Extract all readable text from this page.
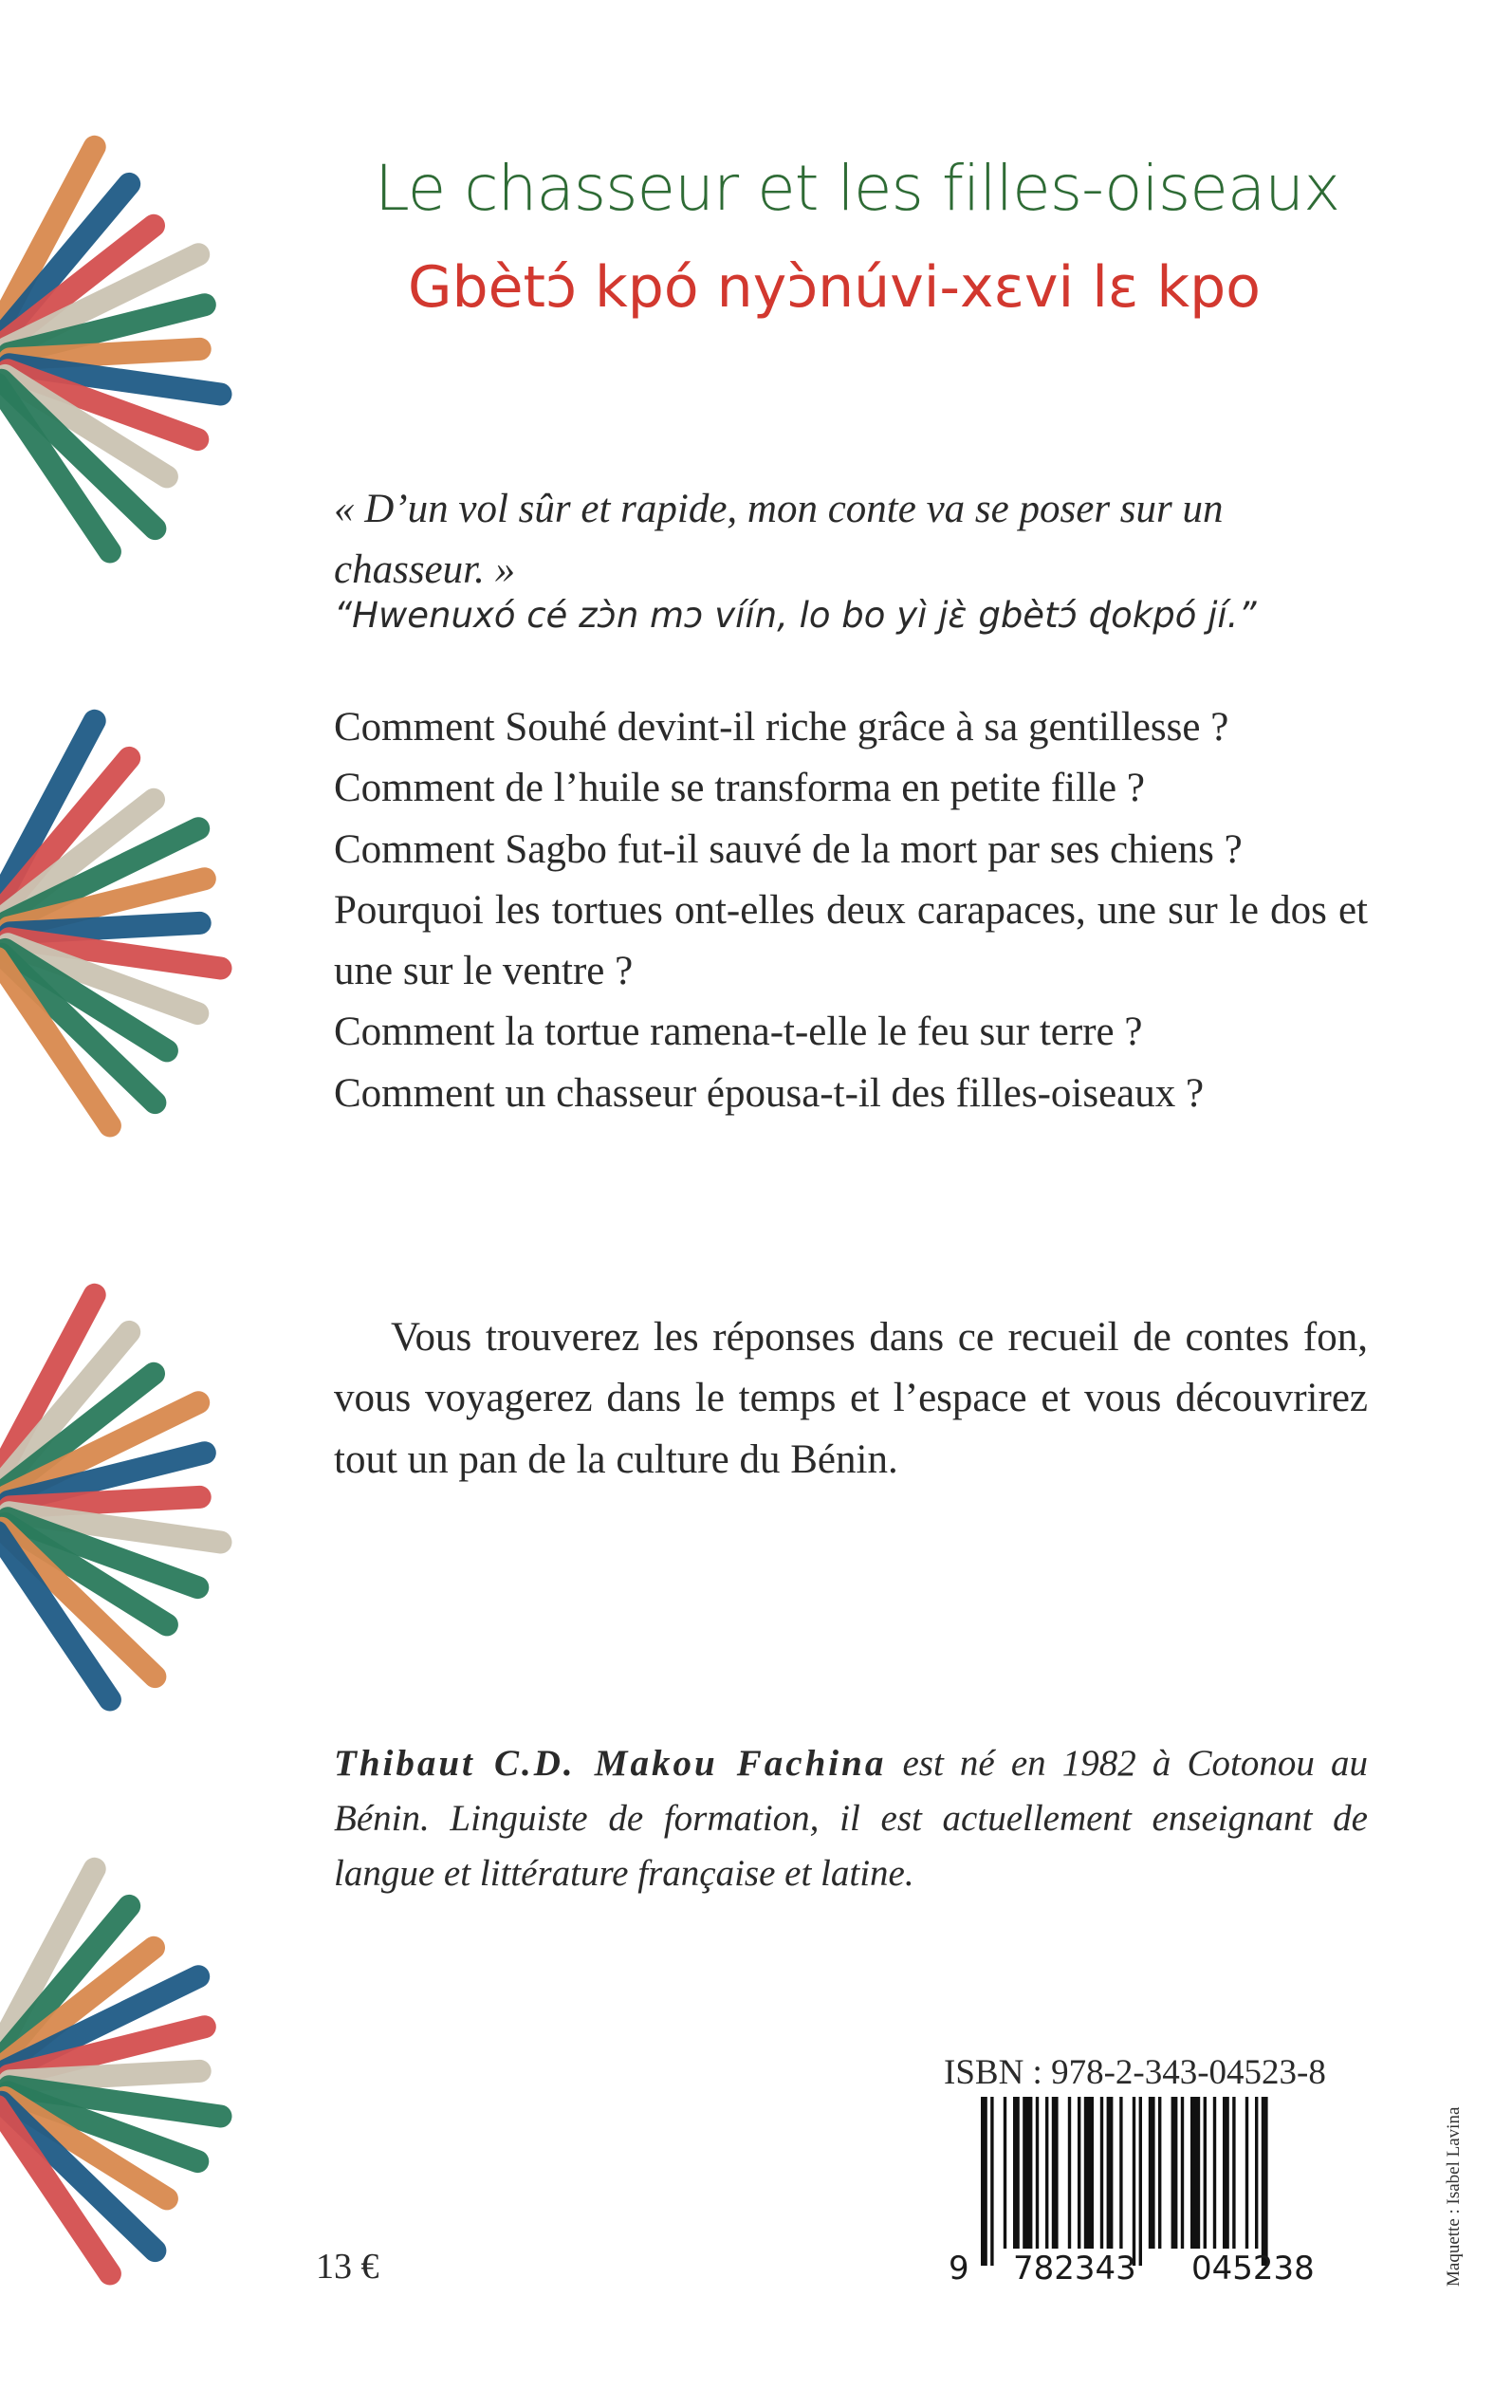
Le chasseur et les filles-oiseaux
Gbètɔ́ kpó nyɔ̀núvi-xɛvi lɛ kpo
« D’un vol sûr et rapide, mon conte va se poser sur un chasseur. »
“Hwenuxó cé zɔ̀n mɔ víín, lo bo yì jɛ̀ gbètɔ́ ɖokpó jí.”

Comment Souhé devint-il riche grâce à sa gentillesse ?

Comment de l’huile se transforma en petite fille ?

Comment Sagbo fut-il sauvé de la mort par ses chiens ?

Pourquoi les tortues ont-elles deux carapaces, une sur le dos et une sur le ventre ?

Comment la tortue ramena-t-elle le feu sur terre ?

Comment un chasseur épousa-t-il des filles-oiseaux ?

Vous trouverez les réponses dans ce recueil de contes fon, vous voyagerez dans le temps et l’espace et vous découvrirez tout un pan de la culture du Bénin.
Thibaut C.D. Makou Fachina est né en 1982 à Cotonou au Bénin. Linguiste de formation, il est actuellement enseignant de langue et littérature française et latine.
ISBN : 978-2-343-04523-8
9 782343 045238
13 €	Maquette : Isabel Lavina
